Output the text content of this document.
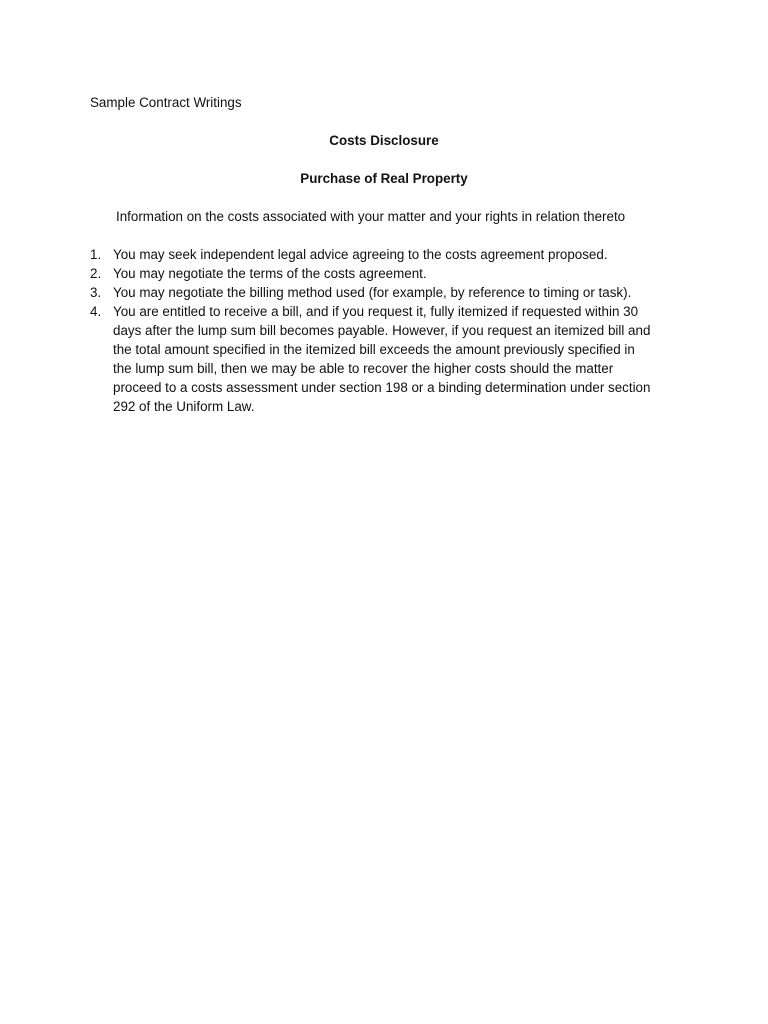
Sample Contract Writings

Costs Disclosure

Purchase of Real Property

Information on the costs associated with your matter and your rights in relation thereto

1. You may seek independent legal advice agreeing to the costs agreement proposed.
2. You may negotiate the terms of the costs agreement.
3. You may negotiate the billing method used (for example, by reference to timing or task).
4. You are entitled to receive a bill, and if you request it, fully itemized if requested within 30
days after the lump sum bill becomes payable. However, if you request an itemized bill and
the total amount specified in the itemized bill exceeds the amount previously specified in
the lump sum bill, then we may be able to recover the higher costs should the matter
proceed to a costs assessment under section 198 or a binding determination under section
292 of the Uniform Law.
